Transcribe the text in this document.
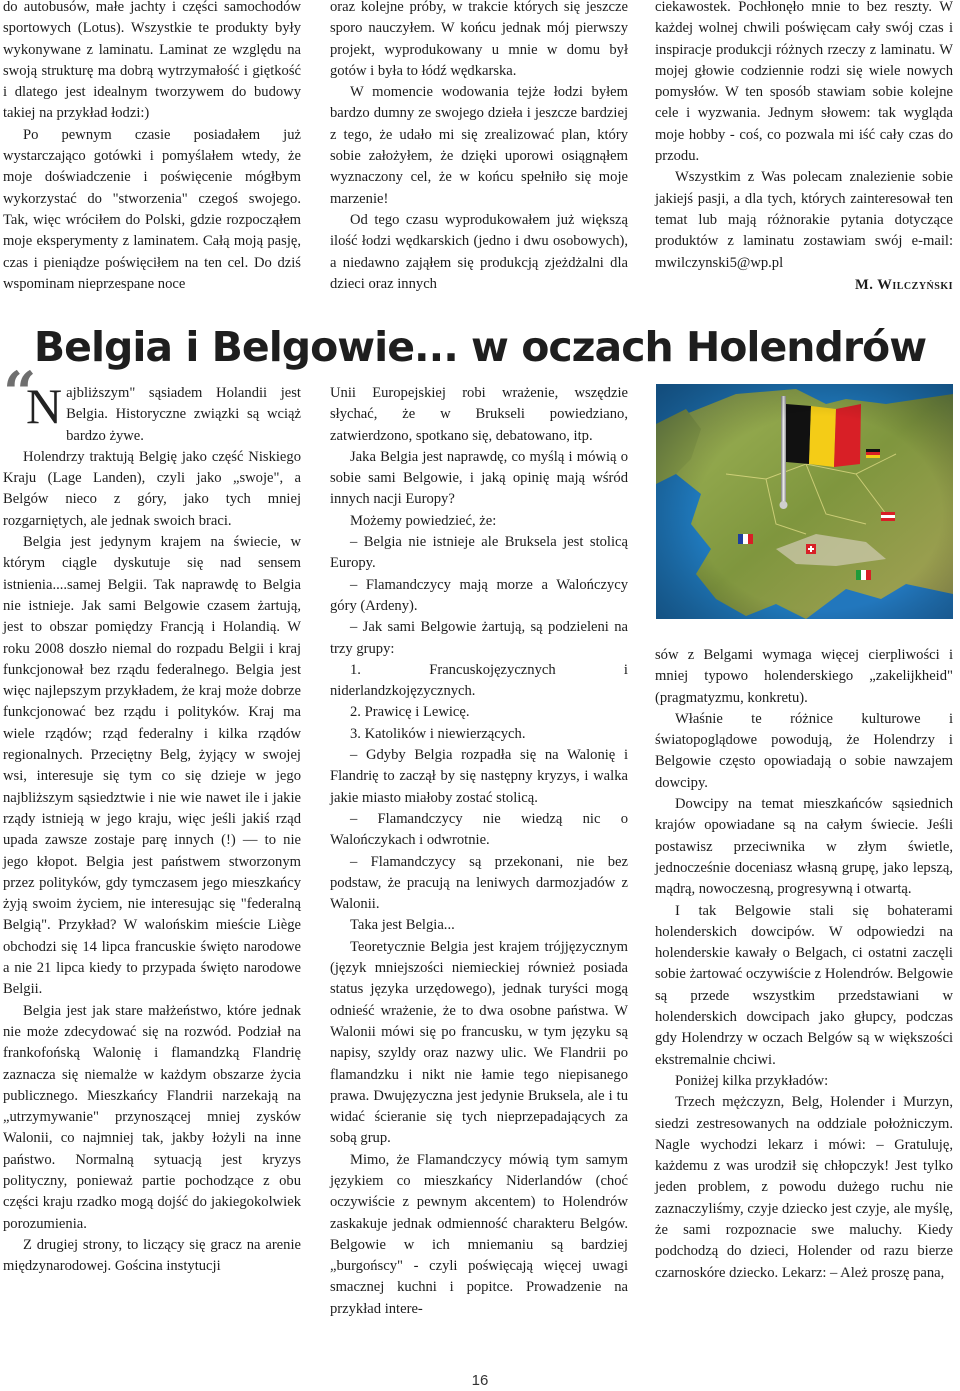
do autobusów, małe jachty i części samochodów sportowych (Lotus). Wszystkie te produkty były wykonywane z laminatu. Laminat ze względu na swoją strukturę ma dobrą wytrzymałość i giętkość i dlatego jest idealnym tworzywem do budowy takiej na przykład łodzi:)

Po pewnym czasie posiadałem już wystarczająco gotówki i pomyślałem wtedy, że moje doświadczenie i poświęcenie mógłbym wykorzystać do "stworzenia" czegoś swojego. Tak, więc wróciłem do Polski, gdzie rozpocząłem moje eksperymenty z laminatem. Całą moją pasję, czas i pieniądze poświęciłem na ten cel. Do dziś wspominam nieprzespane noce

oraz kolejne próby, w trakcie których się jeszcze sporo nauczyłem. W końcu jednak mój pierwszy projekt, wyprodukowany u mnie w domu był gotów i była to łódź wędkarska.

W momencie wodowania tejże łodzi byłem bardzo dumny ze swojego dzieła i jeszcze bardziej z tego, że udało mi się zrealizować plan, który sobie założyłem, że dzięki uporowi osiągnąłem wyznaczony cel, że w końcu spełniło się moje marzenie!

Od tego czasu wyprodukowałem już większą ilość łodzi wędkarskich (jedno i dwu osobowych), a niedawno zająłem się produkcją zjeżdżalni dla dzieci oraz innych

ciekawostek. Pochłonęło mnie to bez reszty. W każdej wolnej chwili poświęcam cały swój czas i inspiracje produkcji różnych rzeczy z laminatu. W mojej głowie codziennie rodzi się wiele nowych pomysłów. W ten sposób stawiam sobie kolejne cele i wyzwania. Jednym słowem: tak wygląda moje hobby - coś, co pozwala mi iść cały czas do przodu.

Wszystkim z Was polecam znalezienie sobie jakiejś pasji, a dla tych, których zainteresował ten temat lub mają różnorakie pytania dotyczące produktów z laminatu zostawiam swój e-mail: mwilczynski5@wp.pl

M. Wilczyński

Belgia i Belgowie... w oczach Holendrów
“

Najbliższym" sąsiadem Holandii jest Belgia. Historyczne związki są wciąż bardzo żywe.

Holendrzy traktują Belgię jako część Niskiego Kraju (Lage Landen), czyli jako „swoje", a Belgów nieco z góry, jako tych mniej rozgarniętych, ale jednak swoich braci.

Belgia jest jedynym krajem na świecie, w którym ciągle dyskutuje się nad sensem istnienia....samej Belgii. Tak naprawdę to Belgia nie istnieje. Jak sami Belgowie czasem żartują, jest to obszar pomiędzy Francją i Holandią. W roku 2008 doszło niemal do rozpadu Belgii i kraj funkcjonował bez rządu federalnego. Belgia jest więc najlepszym przykładem, że kraj może dobrze funkcjonować bez rządu i polityków. Kraj ma wiele rządów; rząd federalny i kilka rządów regionalnych. Przeciętny Belg, żyjący w swojej wsi, interesuje się tym co się dzieje w jego najbliższym sąsiedztwie i nie wie nawet ile i jakie rządy istnieją w jego kraju, więc jeśli jakiś rząd upada zawsze zostaje parę innych (!) — to nie jego kłopot. Belgia jest państwem stworzonym przez polityków, gdy tymczasem jego mieszkańcy żyją swoim życiem, nie interesując się "federalną Belgią". Przykład? W walońskim mieście Liège obchodzi się 14 lipca francuskie święto narodowe a nie 21 lipca kiedy to przypada święto narodowe Belgii.

Belgia jest jak stare małżeństwo, które jednak nie może zdecydować się na rozwód. Podział na frankofońską Walonię i flamandzką Flandrię zaznacza się niemalże w każdym obszarze życia publicznego. Mieszkańcy Flandrii narzekają na „utrzymywanie" przynoszącej mniej zysków Walonii, co najmniej tak, jakby łożyli na inne państwo. Normalną sytuacją jest kryzys polityczny, ponieważ partie pochodzące z obu części kraju rzadko mogą dojść do jakiegokolwiek porozumienia.

Z drugiej strony, to liczący się gracz na arenie międzynarodowej. Gościna instytucji

Unii Europejskiej robi wrażenie, wszędzie słychać, że w Brukseli powiedziano, zatwierdzono, spotkano się, debatowano, itp.

Jaka Belgia jest naprawdę, co myślą i mówią o sobie sami Belgowie, i jaką opinię mają wśród innych nacji Europy?

Możemy powiedzieć, że:

– Belgia nie istnieje ale Bruksela jest stolicą Europy.

– Flamandczycy mają morze a Walończycy góry (Ardeny).

– Jak sami Belgowie żartują, są podzieleni na trzy grupy:

1. Francuskojęzycznych i niderlandzkojęzycznych.

2. Prawicę i Lewicę.

3. Katolików i niewierzących.

– Gdyby Belgia rozpadła się na Walonię i Flandrię to zaczął by się następny kryzys, i walka jakie miasto miałoby zostać stolicą.

– Flamandczycy nie wiedzą nic o Walończykach i odwrotnie.

– Flamandczycy są przekonani, nie bez podstaw, że pracują na leniwych darmozjadów z Walonii.

Taka jest Belgia...

Teoretycznie Belgia jest krajem trójjęzycznym (język mniejszości niemieckiej również posiada status języka urzędowego), jednak turyści mogą odnieść wrażenie, że to dwa osobne państwa. W Walonii mówi się po francusku, w tym języku są napisy, szyldy oraz nazwy ulic. We Flandrii po flamandzku i nikt nie łamie tego niepisanego prawa. Dwujęzyczna jest jedynie Bruksela, ale i tu widać ścieranie się tych nieprzepadających za sobą grup.

Mimo, że Flamandczycy mówią tym samym językiem co mieszkańcy Niderlandów (choć oczywiście z pewnym akcentem) to Holendrów zaskakuje jednak odmienność charakteru Belgów. Belgowie w ich mniemaniu są bardziej „burgońscy" - czyli poświęcają więcej uwagi smacznej kuchni i popitce. Prowadzenie na przykład intere-

sów z Belgami wymaga więcej cierpliwości i mniej typowo holenderskiego „zakelijkheid" (pragmatyzmu, konkretu).

Właśnie te różnice kulturowe i światopoglądowe powodują, że Holendrzy i Belgowie często opowiadają o sobie nawzajem dowcipy.

Dowcipy na temat mieszkańców sąsiednich krajów opowiadane są na całym świecie. Jeśli postawisz przeciwnika w złym świetle, jednocześnie doceniasz własną grupę, jako lepszą, mądrą, nowoczesną, progresywną i otwartą.

I tak Belgowie stali się bohaterami holenderskich dowcipów. W odpowiedzi na holenderskie kawały o Belgach, ci ostatni zaczęli sobie żartować oczywiście z Holendrów. Belgowie są przede wszystkim przedstawiani w holenderskich dowcipach jako głupcy, podczas gdy Holendrzy w oczach Belgów są w większości ekstremalnie chciwi.

Poniżej kilka przykładów:

Trzech mężczyzn, Belg, Holender i Murzyn, siedzi zestresowanych na oddziale położniczym. Nagle wychodzi lekarz i mówi: – Gratuluję, każdemu z was urodził się chłopczyk! Jest tylko jeden problem, z powodu dużego ruchu nie zaznaczyliśmy, czyje dziecko jest czyje, ale myślę, że sami rozpoznacie swe maluchy. Kiedy podchodzą do dzieci, Holender od razu bierze czarnoskóre dziecko. Lekarz: – Ależ proszę pana,

16
